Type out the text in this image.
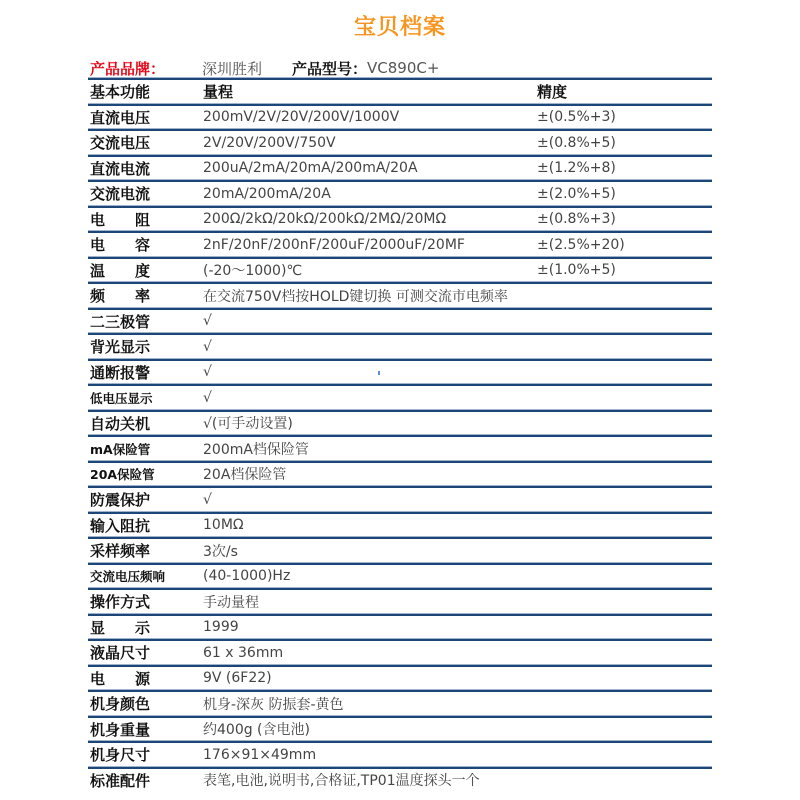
宝贝档案
产品品牌：	深圳胜利 产品型号： VC890C+
基本功能	量程	精度
直流电压	200mV/2V/20V/200V/1000V	±(0.5%+3)
交流电压	2V/20V/200V/750V	±(0.8%+5)
直流电流	200uA/2mA/20mA/200mA/20A	±(1.2%+8)
交流电流	20mA/200mA/20A	±(2.0%+5)
电　　阻	200Ω/2kΩ/20kΩ/200kΩ/2MΩ/20MΩ	±(0.8%+3)
电　　容	2nF/20nF/200nF/200uF/2000uF/20MF	±(2.5%+20)
温　　度	(-20～1000)℃	±(1.0%+5)
频　　率	在交流750V档按HOLD键切换 可测交流市电频率
二三极管	√
背光显示	√
通断报警	√
低电压显示	√
自动关机	√(可手动设置)
mA保险管	200mA档保险管
20A保险管	20A档保险管
防震保护	√
输入阻抗	10MΩ
采样频率	3次/s
交流电压频响	(40-1000)Hz
操作方式	手动量程
显　　示	1999
液晶尺寸	61 x 36mm
电　　源	9V (6F22)
机身颜色	机身-深灰 防振套-黄色
机身重量	约400g (含电池)
机身尺寸	176×91×49mm
标准配件	表笔,电池,说明书,合格证,TP01温度探头一个
